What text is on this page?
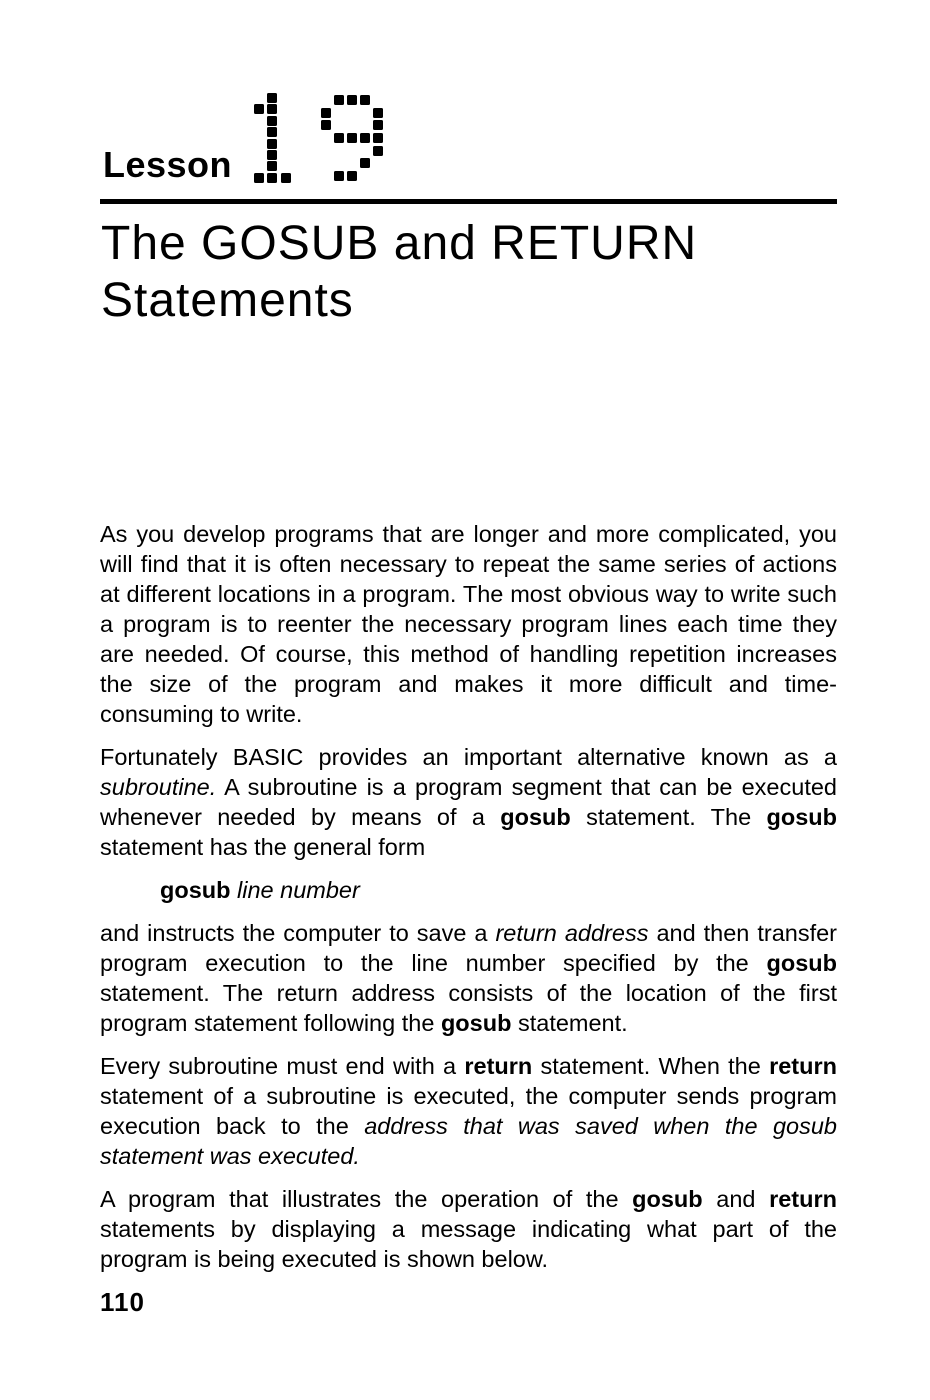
Lesson
The GOSUB and RETURN
Statements

As you develop programs that are longer and more complicated, you will find that it is often necessary to repeat the same series of actions at different locations in a program. The most obvious way to write such a program is to reenter the necessary program lines each time they are needed. Of course, this method of handling repetition increases the size of the program and makes it more difficult and time-consuming to write.

Fortunately BASIC provides an important alternative known as a subroutine. A subroutine is a program segment that can be executed whenever needed by means of a gosub statement. The gosub statement has the general form

gosub line number

and instructs the computer to save a return address and then transfer program execution to the line number specified by the gosub statement. The return address consists of the location of the first program statement following the gosub statement.

Every subroutine must end with a return statement. When the return statement of a subroutine is executed, the computer sends program execution back to the address that was saved when the gosub statement was executed.

A program that illustrates the operation of the gosub and return statements by displaying a message indicating what part of the program is being executed is shown below.

110
